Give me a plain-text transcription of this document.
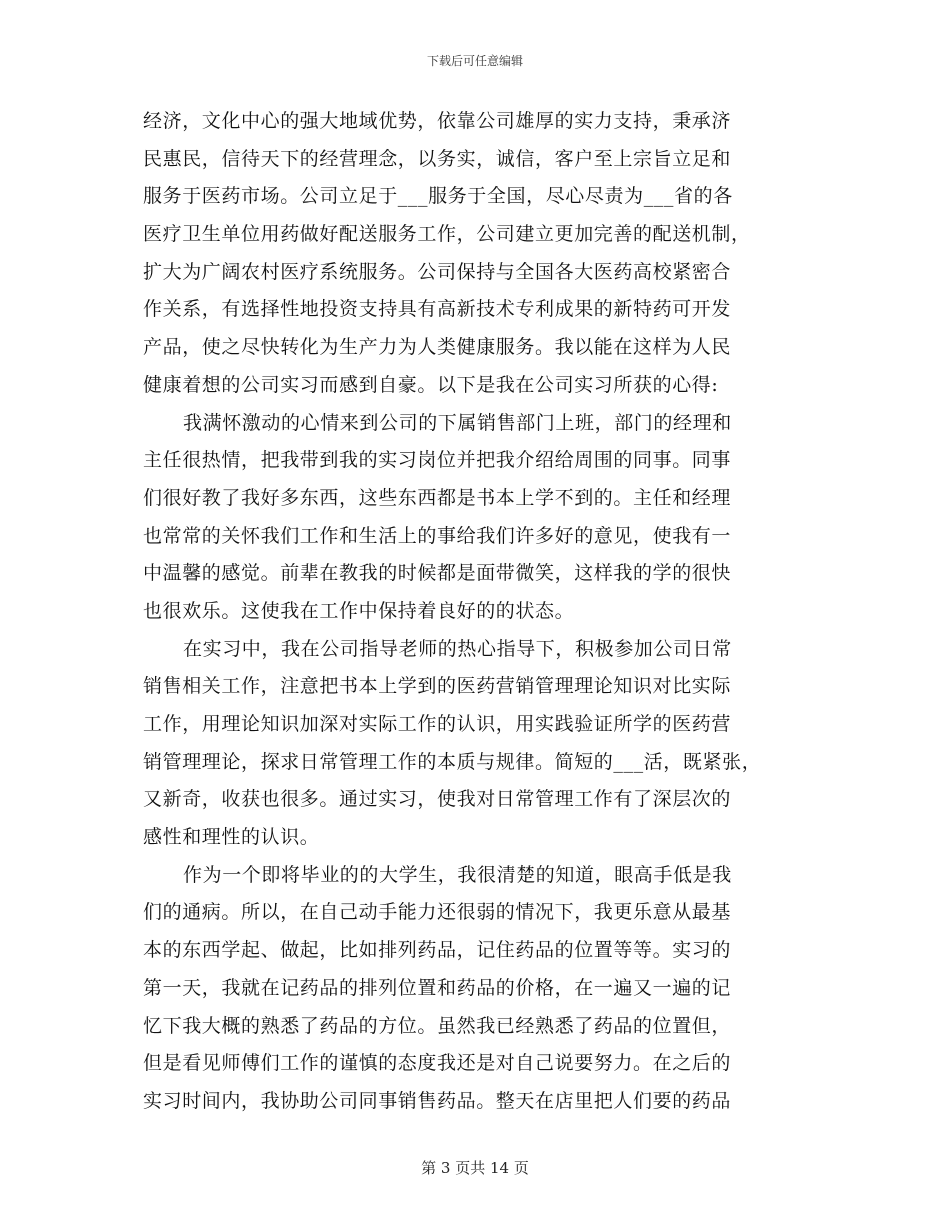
下载后可任意编辑
经济，文化中心的强大地域优势，依靠公司雄厚的实力支持，秉承济
民惠民，信待天下的经营理念，以务实，诚信，客户至上宗旨立足和
服务于医药市场。公司立足于___服务于全国，尽心尽责为___省的各
医疗卫生单位用药做好配送服务工作，公司建立更加完善的配送机制，
扩大为广阔农村医疗系统服务。公司保持与全国各大医药高校紧密合
作关系，有选择性地投资支持具有高新技术专利成果的新特药可开发
产品，使之尽快转化为生产力为人类健康服务。我以能在这样为人民
健康着想的公司实习而感到自豪。以下是我在公司实习所获的心得:
我满怀激动的心情来到公司的下属销售部门上班，部门的经理和
主任很热情，把我带到我的实习岗位并把我介绍给周围的同事。同事
们很好教了我好多东西，这些东西都是书本上学不到的。主任和经理
也常常的关怀我们工作和生活上的事给我们许多好的意见，使我有一
中温馨的感觉。前辈在教我的时候都是面带微笑，这样我的学的很快
也很欢乐。这使我在工作中保持着良好的的状态。
在实习中，我在公司指导老师的热心指导下，积极参加公司日常
销售相关工作，注意把书本上学到的医药营销管理理论知识对比实际
工作，用理论知识加深对实际工作的认识，用实践验证所学的医药营
销管理理论，探求日常管理工作的本质与规律。简短的___活，既紧张，
又新奇，收获也很多。通过实习，使我对日常管理工作有了深层次的
感性和理性的认识。
作为一个即将毕业的的大学生，我很清楚的知道，眼高手低是我
们的通病。所以，在自己动手能力还很弱的情况下，我更乐意从最基
本的东西学起、做起，比如排列药品，记住药品的位置等等。实习的
第一天，我就在记药品的排列位置和药品的价格，在一遍又一遍的记
忆下我大概的熟悉了药品的方位。虽然我已经熟悉了药品的位置但，
但是看见师傅们工作的谨慎的态度我还是对自己说要努力。在之后的
实习时间内，我协助公司同事销售药品。整天在店里把人们要的药品
第 3 页共 14 页
